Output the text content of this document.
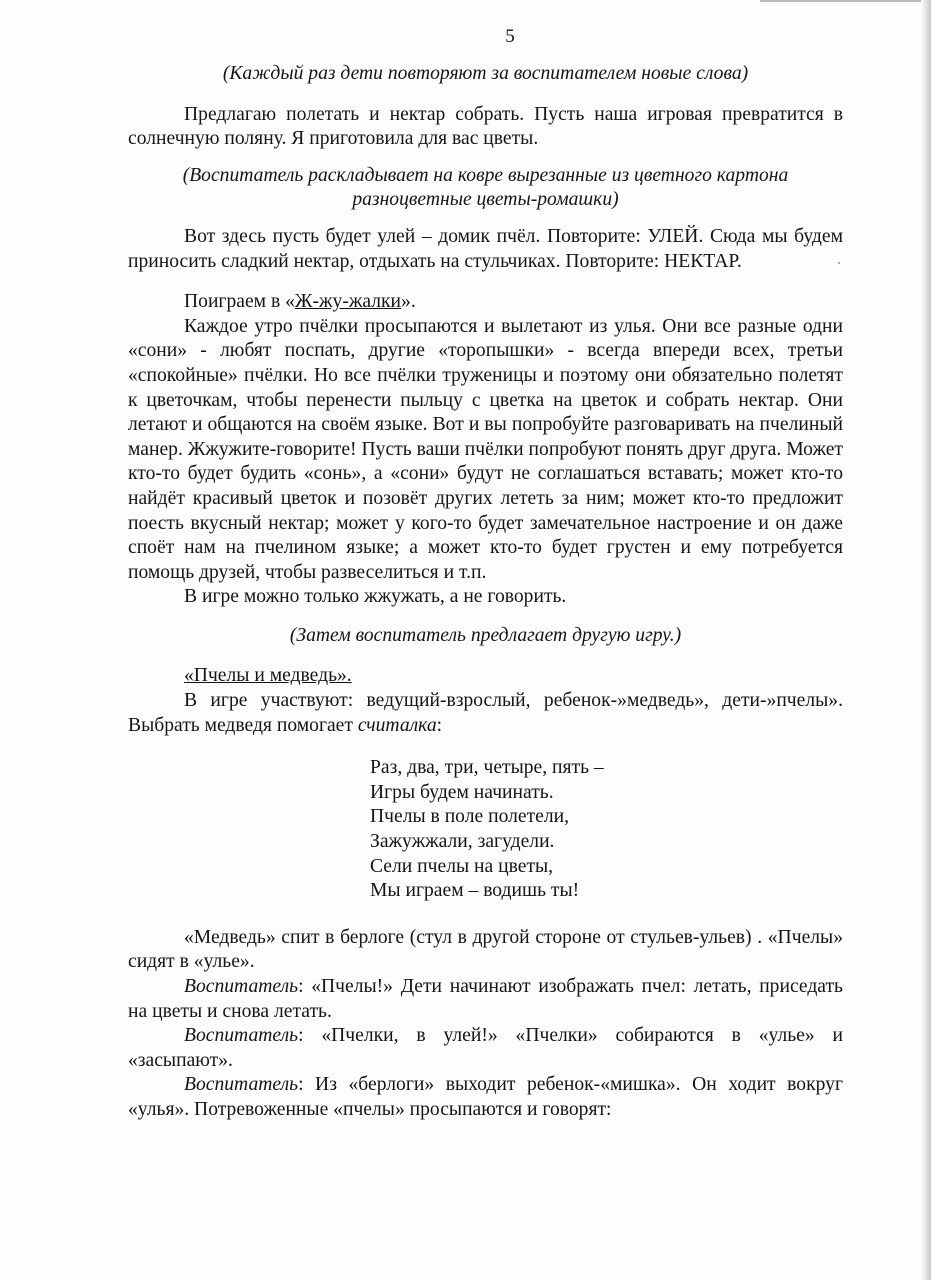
5

(Каждый раз дети повторяют за воспитателем новые слова)

Предлагаю полетать и нектар собрать. Пусть наша игровая превратится в солнечную поляну. Я приготовила для вас цветы.

(Воспитатель раскладывает на ковре вырезанные из цветного картона
разноцветные цветы-ромашки)

Вот здесь пусть будет улей – домик пчёл. Повторите: УЛЕЙ. Сюда мы будем приносить сладкий нектар, отдыхать на стульчиках. Повторите: НЕКТАР.

Поиграем в «Ж-жу-жалки».

Каждое утро пчёлки просыпаются и вылетают из улья. Они все разные одни «сони» - любят поспать, другие «торопышки» - всегда впереди всех, третьи «спокойные» пчёлки. Но все пчёлки труженицы и поэтому они обязательно полетят к цветочкам, чтобы перенести пыльцу с цветка на цветок и собрать нектар. Они летают и общаются на своём языке. Вот и вы попробуйте разговаривать на пчелиный манер. Жжужите-говорите! Пусть ваши пчёлки попробуют понять друг друга. Может кто-то будет будить «сонь», а «сони» будут не соглашаться вставать; может кто-то найдёт красивый цветок и позовёт других лететь за ним; может кто-то предложит поесть вкусный нектар; может у кого-то будет замечательное настроение и он даже споёт нам на пчелином языке; а может кто-то будет грустен и ему потребуется помощь друзей, чтобы развеселиться и т.п.

В игре можно только жжужать, а не говорить.

(Затем воспитатель предлагает другую игру.)

«Пчелы и медведь».

В игре участвуют: ведущий-взрослый, ребенок-»медведь», дети-»пчелы». Выбрать медведя помогает считалка:

Раз, два, три, четыре, пять –

Игры будем начинать.

Пчелы в поле полетели,

Зажужжали, загудели.

Сели пчелы на цветы,

Мы играем – водишь ты!

«Медведь» спит в берлоге (стул в другой стороне от стульев-ульев) . «Пчелы» сидят в «улье».

Воспитатель: «Пчелы!» Дети начинают изображать пчел: летать, приседать на цветы и снова летать.

Воспитатель: «Пчелки, в улей!» «Пчелки» собираются в «улье» и «засыпают».

Воспитатель: Из «берлоги» выходит ребенок-«мишка». Он ходит вокруг «улья». Потревоженные «пчелы» просыпаются и говорят:
